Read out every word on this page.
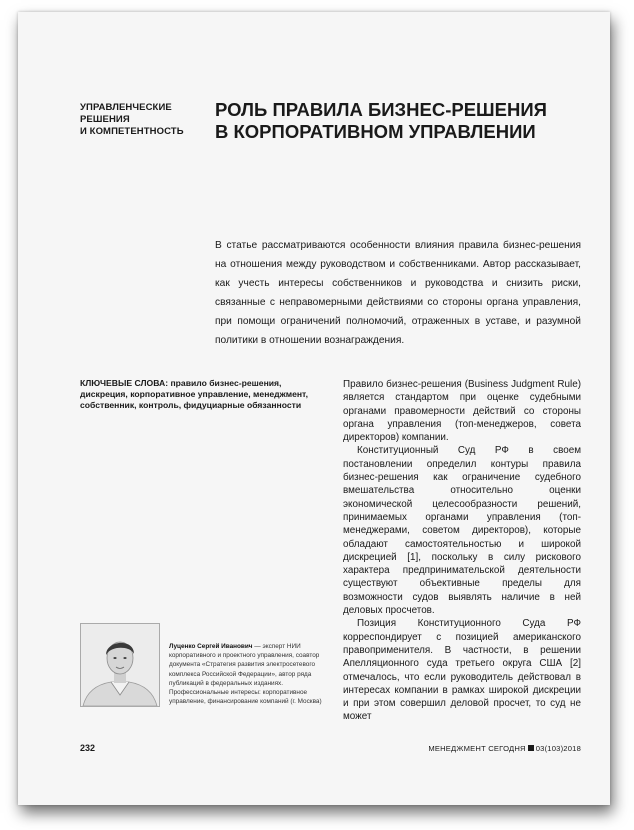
УПРАВЛЕНЧЕСКИЕ
РЕШЕНИЯ
И КОМПЕТЕНТНОСТЬ
РОЛЬ ПРАВИЛА БИЗНЕС-РЕШЕНИЯ
В КОРПОРАТИВНОМ УПРАВЛЕНИИ

В статье рассматриваются особенности влияния правила бизнес-решения на отношения между руководством и собственниками. Автор рассказывает, как учесть интересы собственников и руководства и снизить риски, связанные с неправомерными действиями со стороны органа управления, при помощи ограничений полномочий, отраженных в уставе, и разумной политики в отношении вознаграждения.

КЛЮЧЕВЫЕ СЛОВА: правило бизнес-решения, дискреция, корпоративное управление, менеджмент, собственник, контроль, фидуциарные обязанности

Правило бизнес-решения (Business Judgment Rule) является стандартом при оценке судебными органами правомерности действий со стороны органа управления (топ-менеджеров, совета директоров) компании.

Конституционный Суд РФ в своем постановлении определил контуры правила бизнес-решения как ограничение судебного вмешательства относительно оценки экономической целесообразности решений, принимаемых органами управления (топ-менеджерами, советом директоров), которые обладают самостоятельностью и широкой дискрецией [1], поскольку в силу рискового характера предпринимательской деятельности существуют объективные пределы для возможности судов выявлять наличие в ней деловых просчетов.

Позиция Конституционного Суда РФ корреспондирует с позицией американского правоприменителя. В частности, в решении Апелляционного суда третьего округа США [2] отмечалось, что если руководитель действовал в интересах компании в рамках широкой дискреции и при этом совершил деловой просчет, то суд не может

Луценко Сергей Иванович — эксперт НИИ корпоративного и проектного управления, соавтор документа «Стратегия развития электросетевого комплекса Российской Федерации», автор ряда публикаций в федеральных изданиях. Профессиональные интересы: корпоративное управление, финансирование компаний (г. Москва)

232	МЕНЕДЖМЕНТ СЕГОДНЯ 03(103)2018
